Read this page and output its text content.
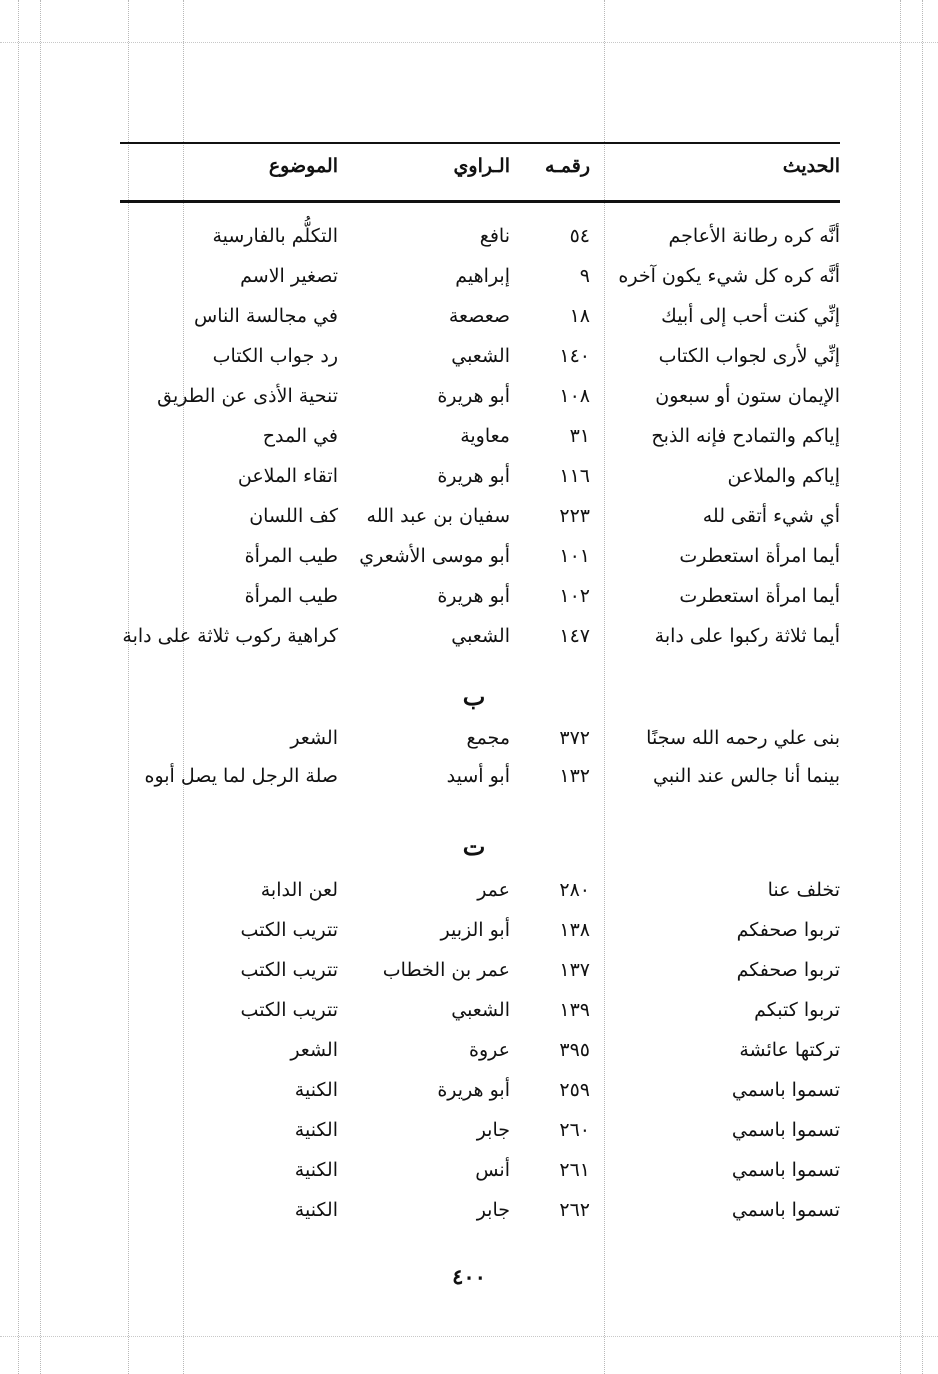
الحديث
رقمـه
الـراوي
الموضوع
أنَّه كره رطانة الأعاجم
٥٤
نافع
التكلُّم بالفارسية
أنَّه كره كل شيء يكون آخره
٩
إبراهيم
تصغير الاسم
إنِّي كنت أحب إلى أبيك
١٨
صعصعة
في مجالسة الناس
إنِّي لأرى لجواب الكتاب
١٤٠
الشعبي
رد جواب الكتاب
الإيمان ستون أو سبعون
١٠٨
أبو هريرة
تنحية الأذى عن الطريق
إياكم والتمادح فإنه الذبح
٣١
معاوية
في المدح
إياكم والملاعن
١١٦
أبو هريرة
اتقاء الملاعن
أي شيء أتقى لله
٢٢٣
سفيان بن عبد الله
كف اللسان
أيما امرأة استعطرت
١٠١
أبو موسى الأشعري
طيب المرأة
أيما امرأة استعطرت
١٠٢
أبو هريرة
طيب المرأة
أيما ثلاثة ركبوا على دابة
١٤٧
الشعبي
كراهية ركوب ثلاثة على دابة
ب
بنى علي رحمه الله سجنًا
٣٧٢
مجمع
الشعر
بينما أنا جالس عند النبي
١٣٢
أبو أسيد
صلة الرجل لما يصل أبوه
ت
تخلف عنا
٢٨٠
عمر
لعن الدابة
تربوا صحفكم
١٣٨
أبو الزبير
تتريب الكتب
تربوا صحفكم
١٣٧
عمر بن الخطاب
تتريب الكتب
تربوا كتبكم
١٣٩
الشعبي
تتريب الكتب
تركتها عائشة
٣٩٥
عروة
الشعر
تسموا باسمي
٢٥٩
أبو هريرة
الكنية
تسموا باسمي
٢٦٠
جابر
الكنية
تسموا باسمي
٢٦١
أنس
الكنية
تسموا باسمي
٢٦٢
جابر
الكنية
٤٠٠
